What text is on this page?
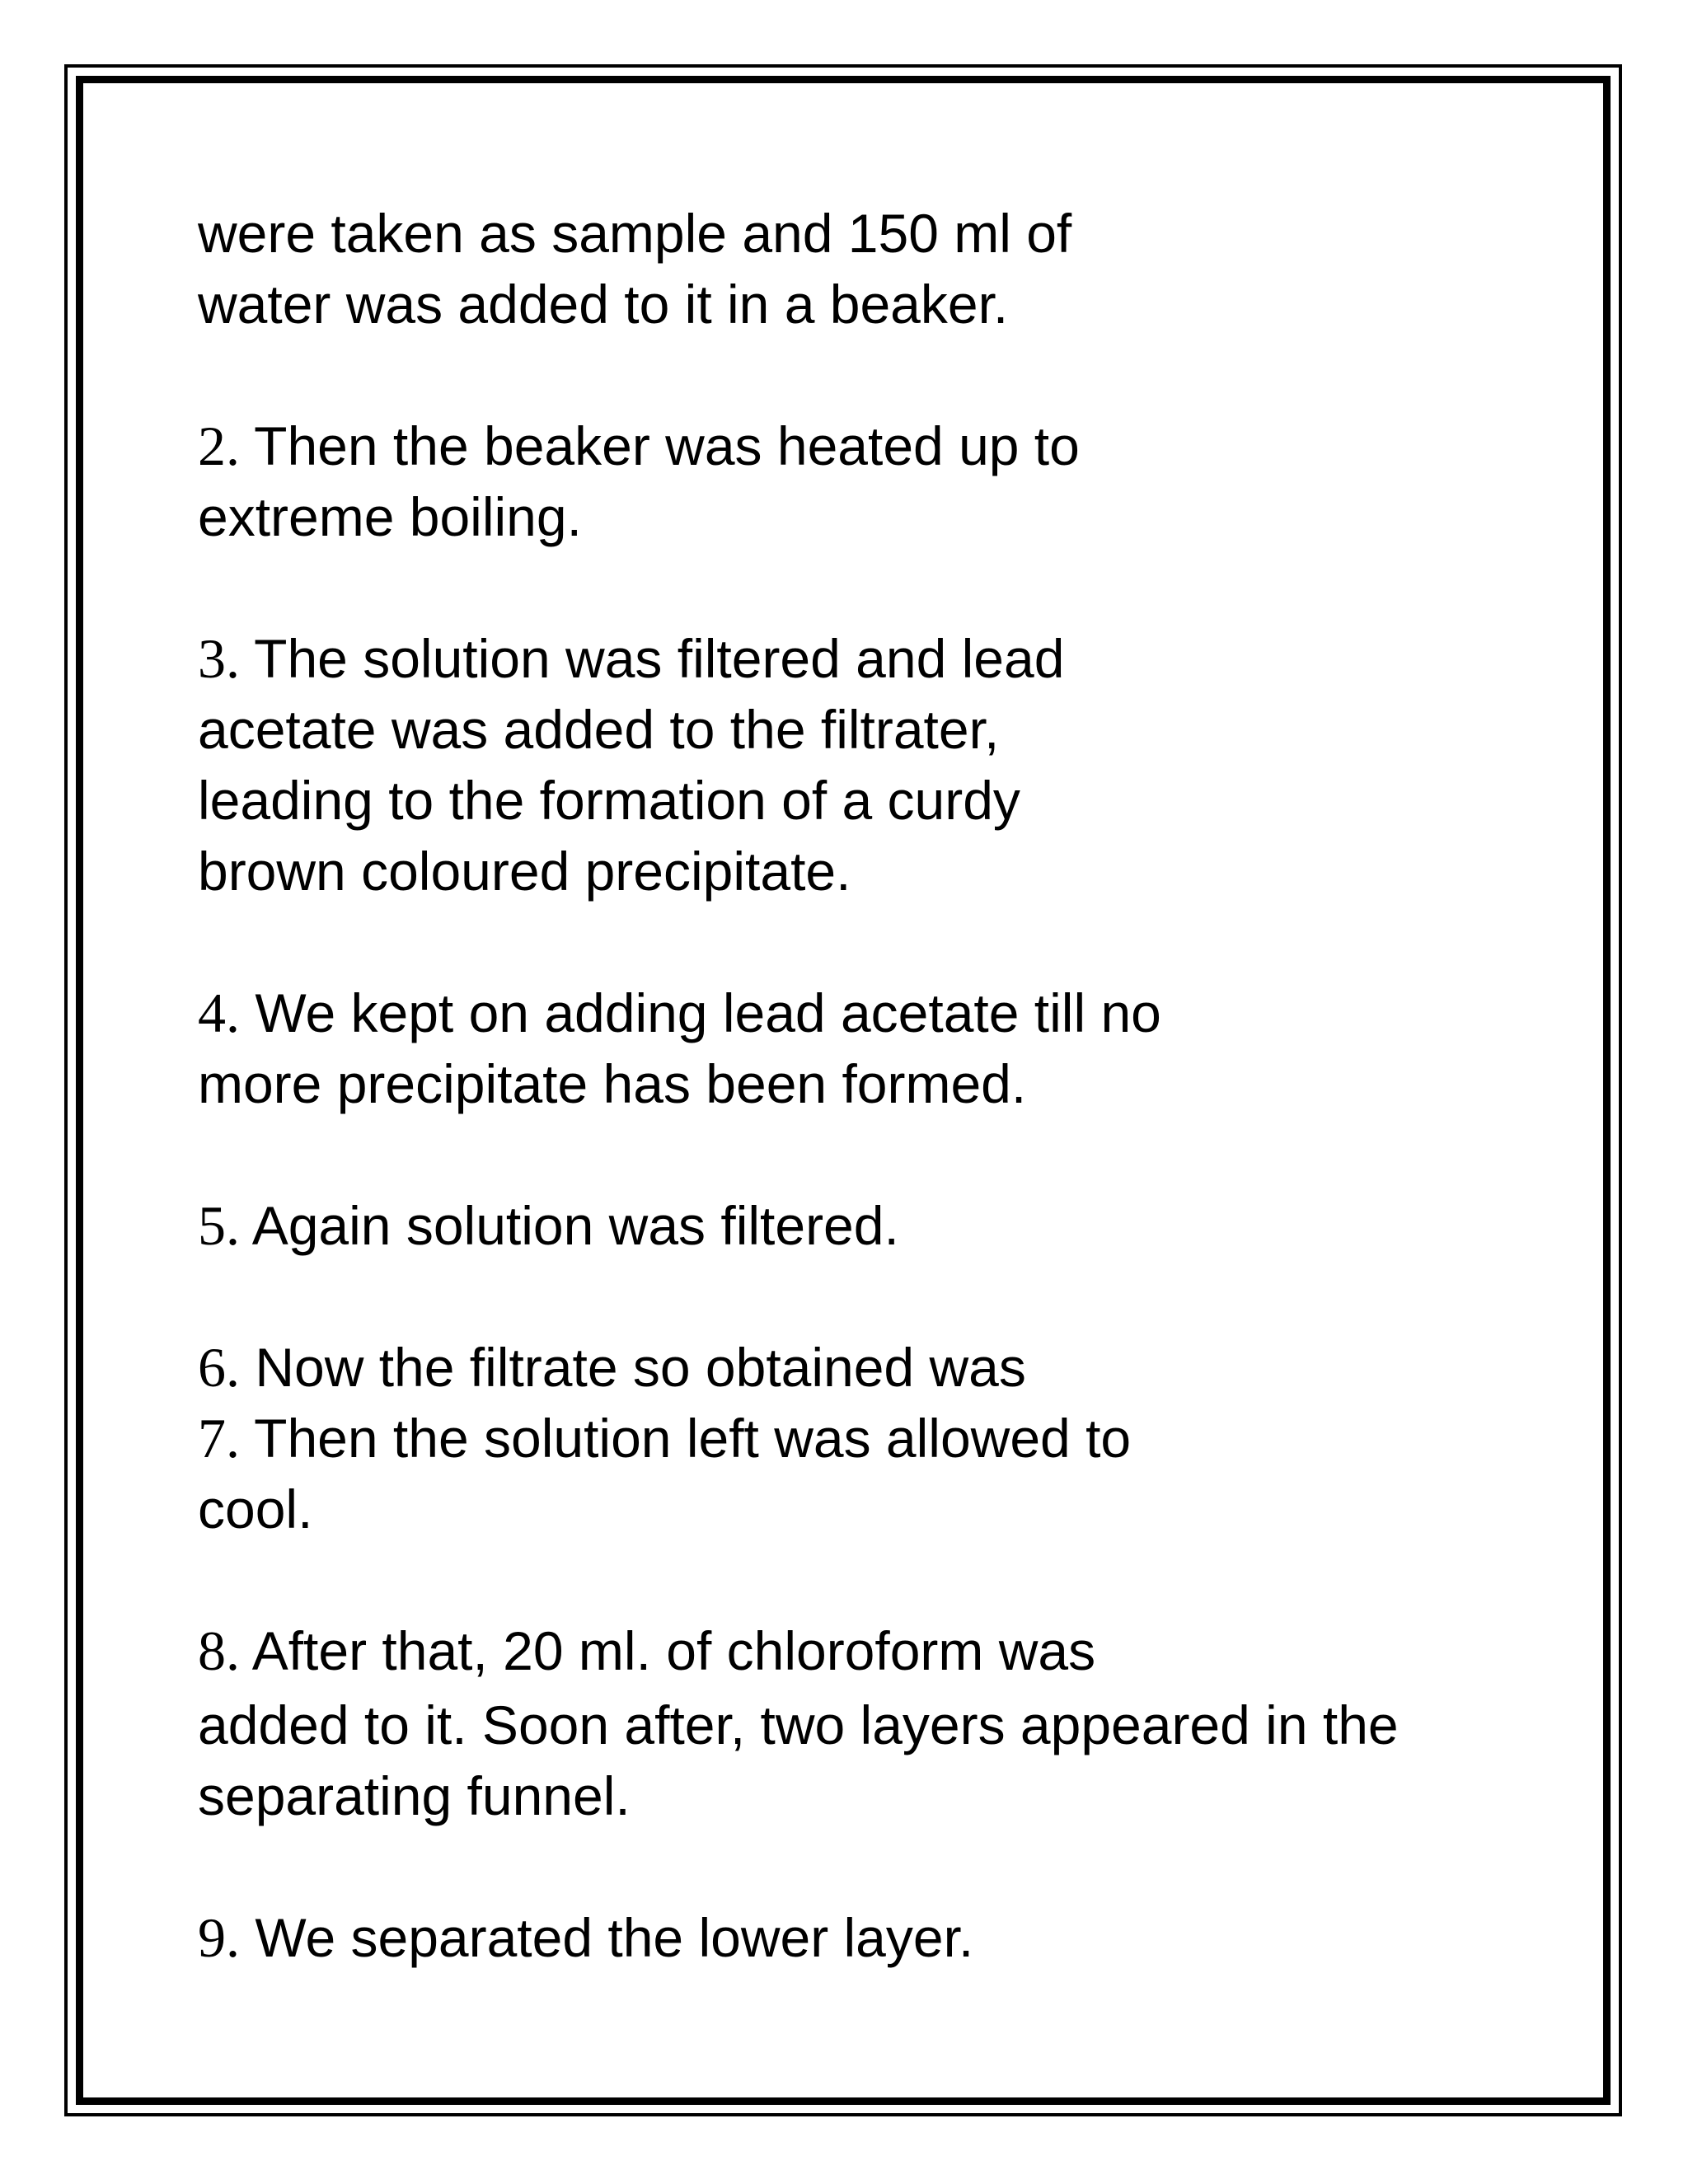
were taken as sample and 150 ml of
water was added to it in a beaker.
2. Then the beaker was heated up to
extreme boiling.
3. The solution was filtered and lead
acetate was added to the filtrater,
leading to the formation of a curdy
brown coloured precipitate.
4. We kept on adding lead acetate till no
more precipitate has been formed.
5. Again solution was filtered.
6. Now the filtrate so obtained was
7. Then the solution left was allowed to
cool.
8. After that, 20 ml. of chloroform was
added to it. Soon after, two layers appeared in the
separating funnel.
9. We separated the lower layer.
